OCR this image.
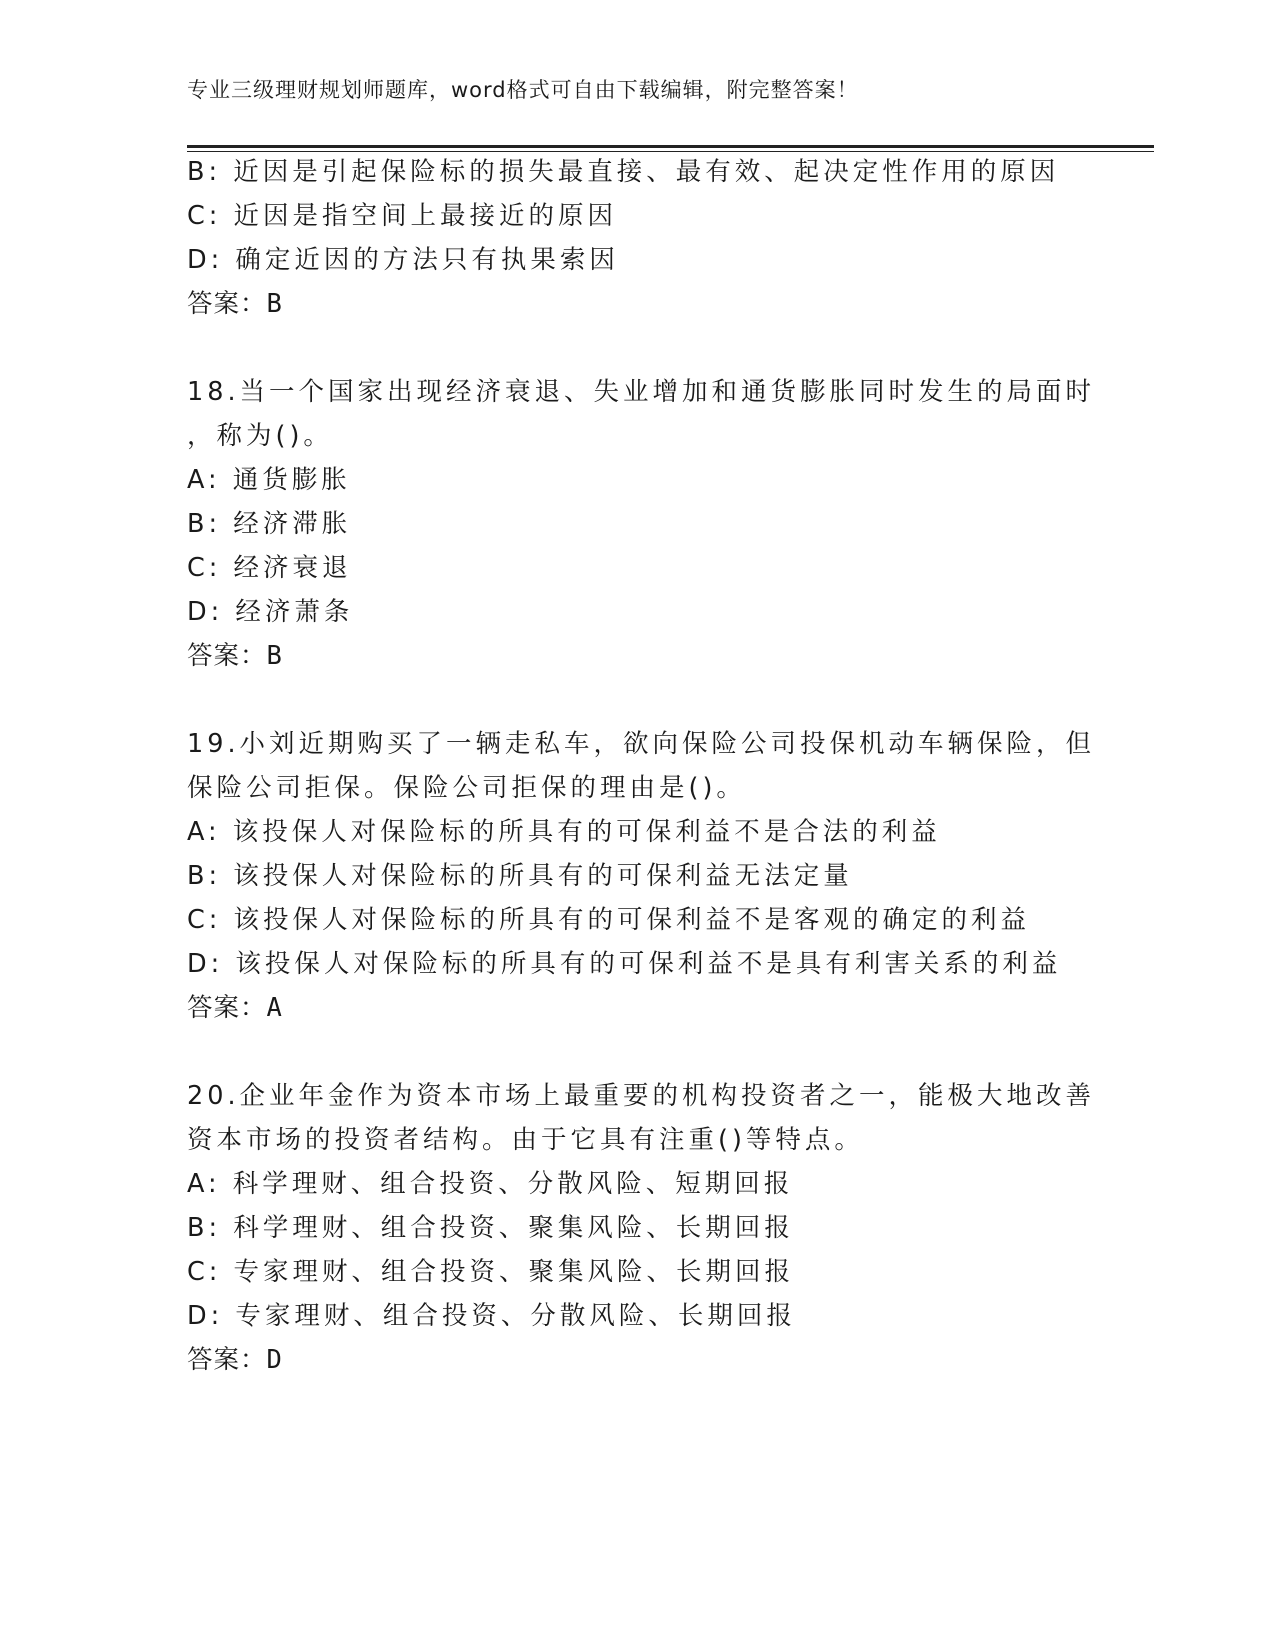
专业三级理财规划师题库，word格式可自由下载编辑，附完整答案！
B: 近因是引起保险标的损失最直接、最有效、起决定性作用的原因
C: 近因是指空间上最接近的原因
D: 确定近因的方法只有执果索因
答案：B
18.当一个国家出现经济衰退、失业增加和通货膨胀同时发生的局面时
，称为()。
A: 通货膨胀
B: 经济滞胀
C: 经济衰退
D: 经济萧条
答案：B
19.小刘近期购买了一辆走私车，欲向保险公司投保机动车辆保险，但
保险公司拒保。保险公司拒保的理由是()。
A: 该投保人对保险标的所具有的可保利益不是合法的利益
B: 该投保人对保险标的所具有的可保利益无法定量
C: 该投保人对保险标的所具有的可保利益不是客观的确定的利益
D: 该投保人对保险标的所具有的可保利益不是具有利害关系的利益
答案：A
20.企业年金作为资本市场上最重要的机构投资者之一，能极大地改善
资本市场的投资者结构。由于它具有注重()等特点。
A: 科学理财、组合投资、分散风险、短期回报
B: 科学理财、组合投资、聚集风险、长期回报
C: 专家理财、组合投资、聚集风险、长期回报
D: 专家理财、组合投资、分散风险、长期回报
答案：D
